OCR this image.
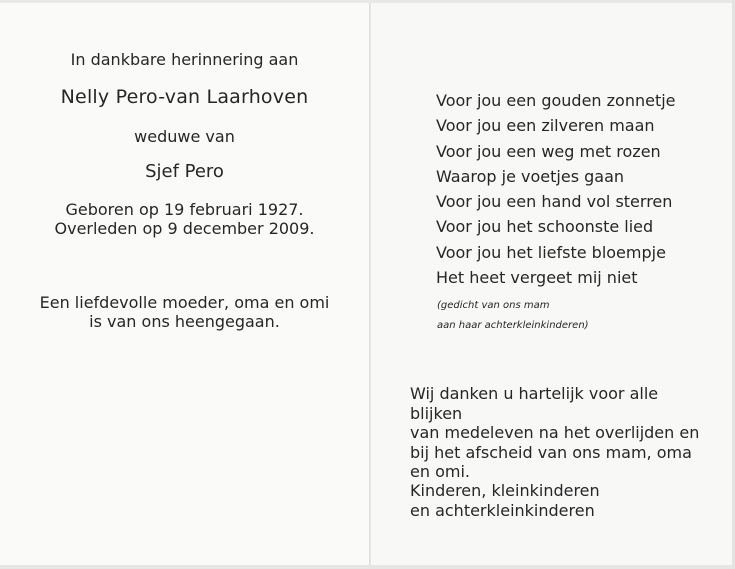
In dankbare herinnering aan
Nelly Pero-van Laarhoven
weduwe van
Sjef Pero
Geboren op 19 februari 1927.
Overleden op 9 december 2009.
Een liefdevolle moeder, oma en omi
is van ons heengegaan.
Voor jou een gouden zonnetje
Voor jou een zilveren maan
Voor jou een weg met rozen
Waarop je voetjes gaan
Voor jou een hand vol sterren
Voor jou het schoonste lied
Voor jou het liefste bloempje
Het heet vergeet mij niet
(gedicht van ons mam
aan haar achterkleinkinderen)
Wij danken u hartelijk voor alle blijken
van medeleven na het overlijden en
bij het afscheid van ons mam, oma
en omi.
Kinderen, kleinkinderen
en achterkleinkinderen
